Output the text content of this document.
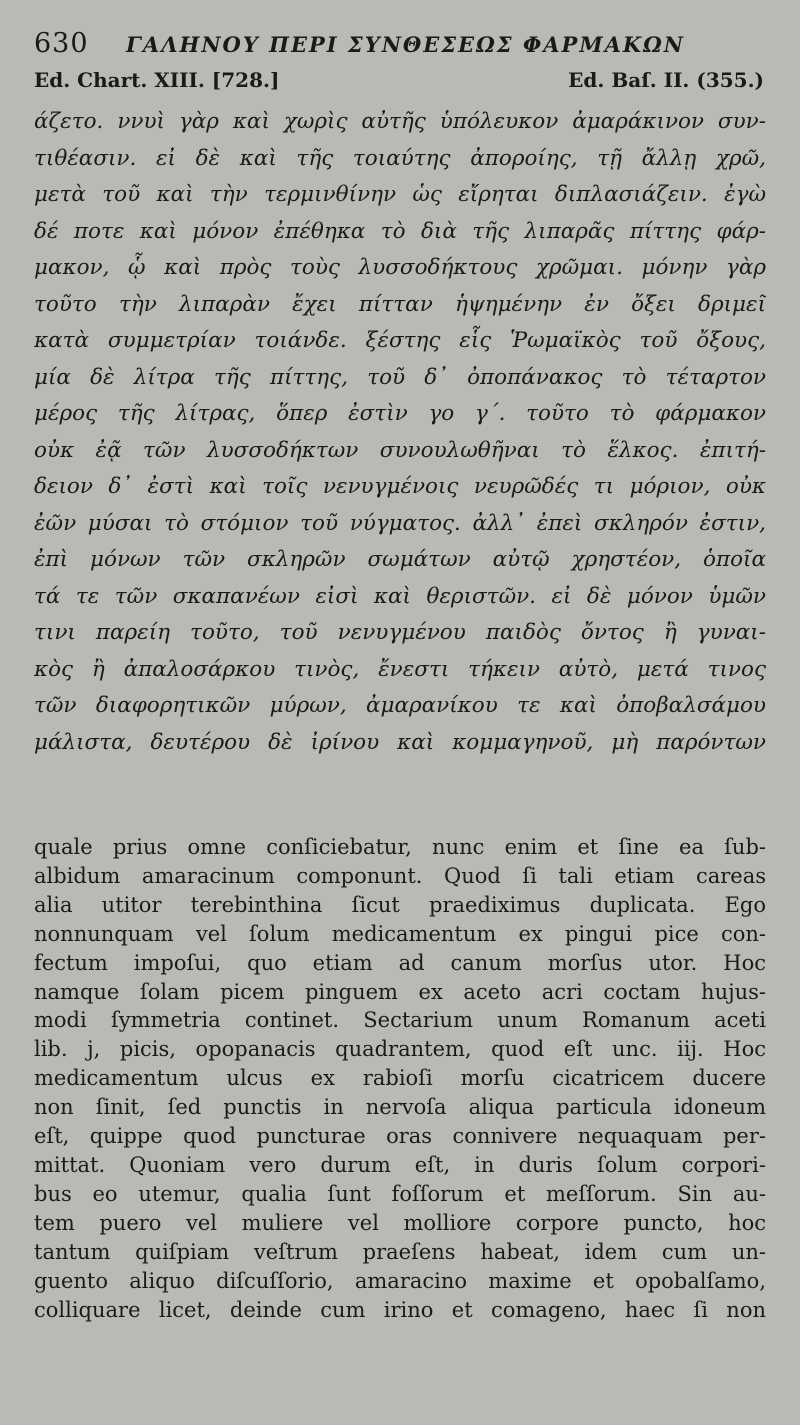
630	ΓΑΛΗΝΟΥ ΠΕΡΙ ΣΥΝΘΕΣΕΩΣ ΦΑΡΜΑΚΩΝ
Ed. Chart. XIII. [728.]	Ed. Baſ. II. (355.)
άζετο. ννυὶ γὰρ καὶ χωρὶς αὐτῆς ὑπόλευκον ἀμαράκινον συν-
τιθέασιν. εἰ δὲ καὶ τῆς τοιαύτης ἀπορoίης, τῇ ἄλλῃ χρῶ,
μετὰ τοῦ καὶ τὴν τερμινθίνην ὡς εἴρηται διπλασιάζειν. ἐγὼ
δέ ποτε καὶ μόνον ἐπέθηκα τὸ διὰ τῆς λιπαρᾶς πίττης φάρ-
μακον, ᾧ καὶ πρὸς τοὺς λυσσοδήκτους χρῶμαι. μόνην γὰρ
τοῦτο τὴν λιπαρὰν ἔχει πίτταν ἡψημένην ἐν ὄξει δριμεῖ
κατὰ συμμετρίαν τοιάνδε. ξέστης εἷς Ῥωμαϊκὸς τοῦ ὄξους,
μία δὲ λίτρα τῆς πίττης, τοῦ δ᾽ ὀποπάνακος τὸ τέταρτον
μέρος τῆς λίτρας, ὅπερ ἐστὶν γο γ΄. τοῦτο τὸ φάρμακον
οὐκ ἐᾷ τῶν λυσσοδήκτων συνουλωθῆναι τὸ ἕλκος. ἐπιτή-
δειον δ᾽ ἐστὶ καὶ τοῖς νενυγμένοις νευρῶδές τι μόριον, οὐκ
ἐῶν μύσαι τὸ στόμιον τοῦ νύγματος. ἀλλ᾽ ἐπεὶ σκληρόν ἐστιν,
ἐπὶ μόνων τῶν σκληρῶν σωμάτων αὐτῷ χρηστέον, ὁποῖα
τά τε τῶν σκαπανέων εἰσὶ καὶ θεριστῶν. εἰ δὲ μόνον ὑμῶν
τινι παρείη τοῦτο, τοῦ νενυγμένου παιδὸς ὄντος ἢ γυναι-
κὸς ἢ ἀπαλοσάρκου τινὸς, ἔνεστι τήκειν αὐτὸ, μετά τινος
τῶν διαφορητικῶν μύρων, ἀμαρανίκου τε καὶ ὀποβαλσάμου
μάλιστα, δευτέρου δὲ ἰρίνου καὶ κομμαγηνοῦ, μὴ παρόντων
quale prius omne conſiciebatur, nunc enim et ſine ea ſub-
albidum amaracinum componunt. Quod ſi tali etiam careas
alia utitor terebinthina ſicut praediximus duplicata. Ego
nonnunquam vel ſolum medicamentum ex pingui pice con-
fectum impoſui, quo etiam ad canum morſus utor. Hoc
namque ſolam picem pinguem ex aceto acri coctam hujus-
modi ſymmetria continet. Sectarium unum Romanum aceti
lib. j, picis, opopanacis quadrantem, quod eſt unc. iij. Hoc
medicamentum ulcus ex rabioſi morſu cicatricem ducere
non ſinit, ſed punctis in nervoſa aliqua particula idoneum
eſt, quippe quod puncturae oras connivere nequaquam per-
mittat. Quoniam vero durum eſt, in duris ſolum corpori-
bus eo utemur, qualia ſunt foſſorum et meſſorum. Sin au-
tem puero vel muliere vel molliore corpore puncto, hoc
tantum quiſpiam veſtrum praeſens habeat, idem cum un-
guento aliquo diſcuſſorio, amaracino maxime et opobalſamo,
colliquare licet, deinde cum irino et comageno, haec ſi non
